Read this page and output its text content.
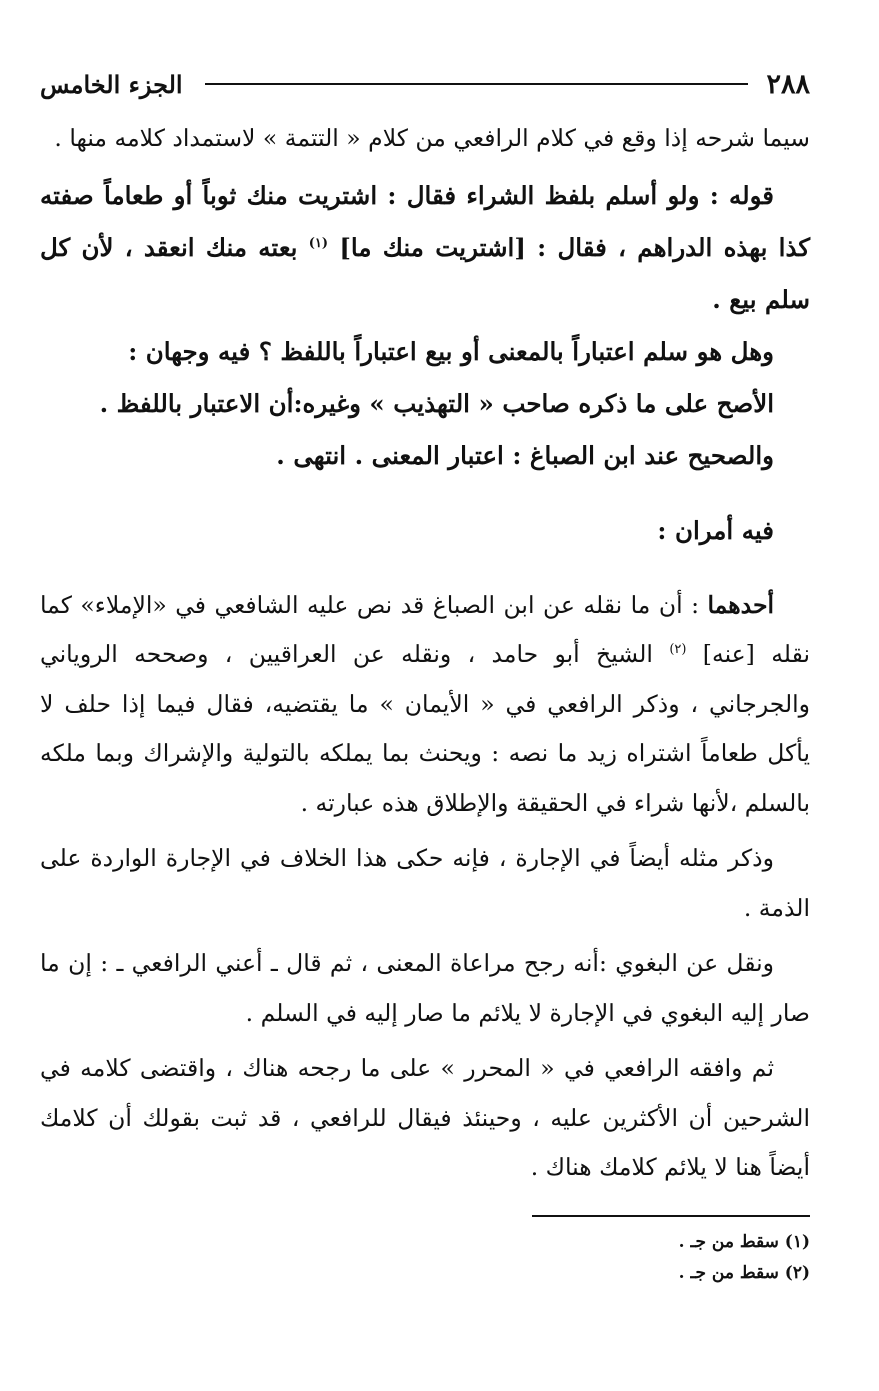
٢٨٨
الجزء الخامس

سيما شرحه إذا وقع في كلام الرافعي من كلام « التتمة » لاستمداد كلامه منها .

قوله : ولو أسلم بلفظ الشراء فقال : اشتريت منك ثوباً أو طعاماً صفته كذا بهذه الدراهم ، فقال : [اشتريت منك ما] $^{(١)}$ بعته منك انعقد ، لأن كل سلم بيع .

وهل هو سلم اعتباراً بالمعنى أو بيع اعتباراً باللفظ ؟ فيه وجهان :

الأصح على ما ذكره صاحب « التهذيب » وغيره:أن الاعتبار باللفظ .

والصحيح عند ابن الصباغ : اعتبار المعنى . انتهى .

فيه أمران :

أحدهما : أن ما نقله عن ابن الصباغ قد نص عليه الشافعي في «الإملاء» كما نقله [عنه] $^{(٢)}$ الشيخ أبو حامد ، ونقله عن العراقيين ، وصححه الروياني والجرجاني ، وذكر الرافعي في « الأيمان » ما يقتضيه، فقال فيما إذا حلف لا يأكل طعاماً اشتراه زيد ما نصه : ويحنث بما يملكه بالتولية والإشراك وبما ملكه بالسلم ،لأنها شراء في الحقيقة والإطلاق هذه عبارته .

وذكر مثله أيضاً في الإجارة ، فإنه حكى هذا الخلاف في الإجارة الواردة على الذمة .

ونقل عن البغوي :أنه رجح مراعاة المعنى ، ثم قال ـ أعني الرافعي ـ : إن ما صار إليه البغوي في الإجارة لا يلائم ما صار إليه في السلم .

ثم وافقه الرافعي في « المحرر » على ما رجحه هناك ، واقتضى كلامه في الشرحين أن الأكثرين عليه ، وحينئذ فيقال للرافعي ، قد ثبت بقولك أن كلامك أيضاً هنا لا يلائم كلامك هناك .

(١) سقط من جـ .
(٢) سقط من جـ .
